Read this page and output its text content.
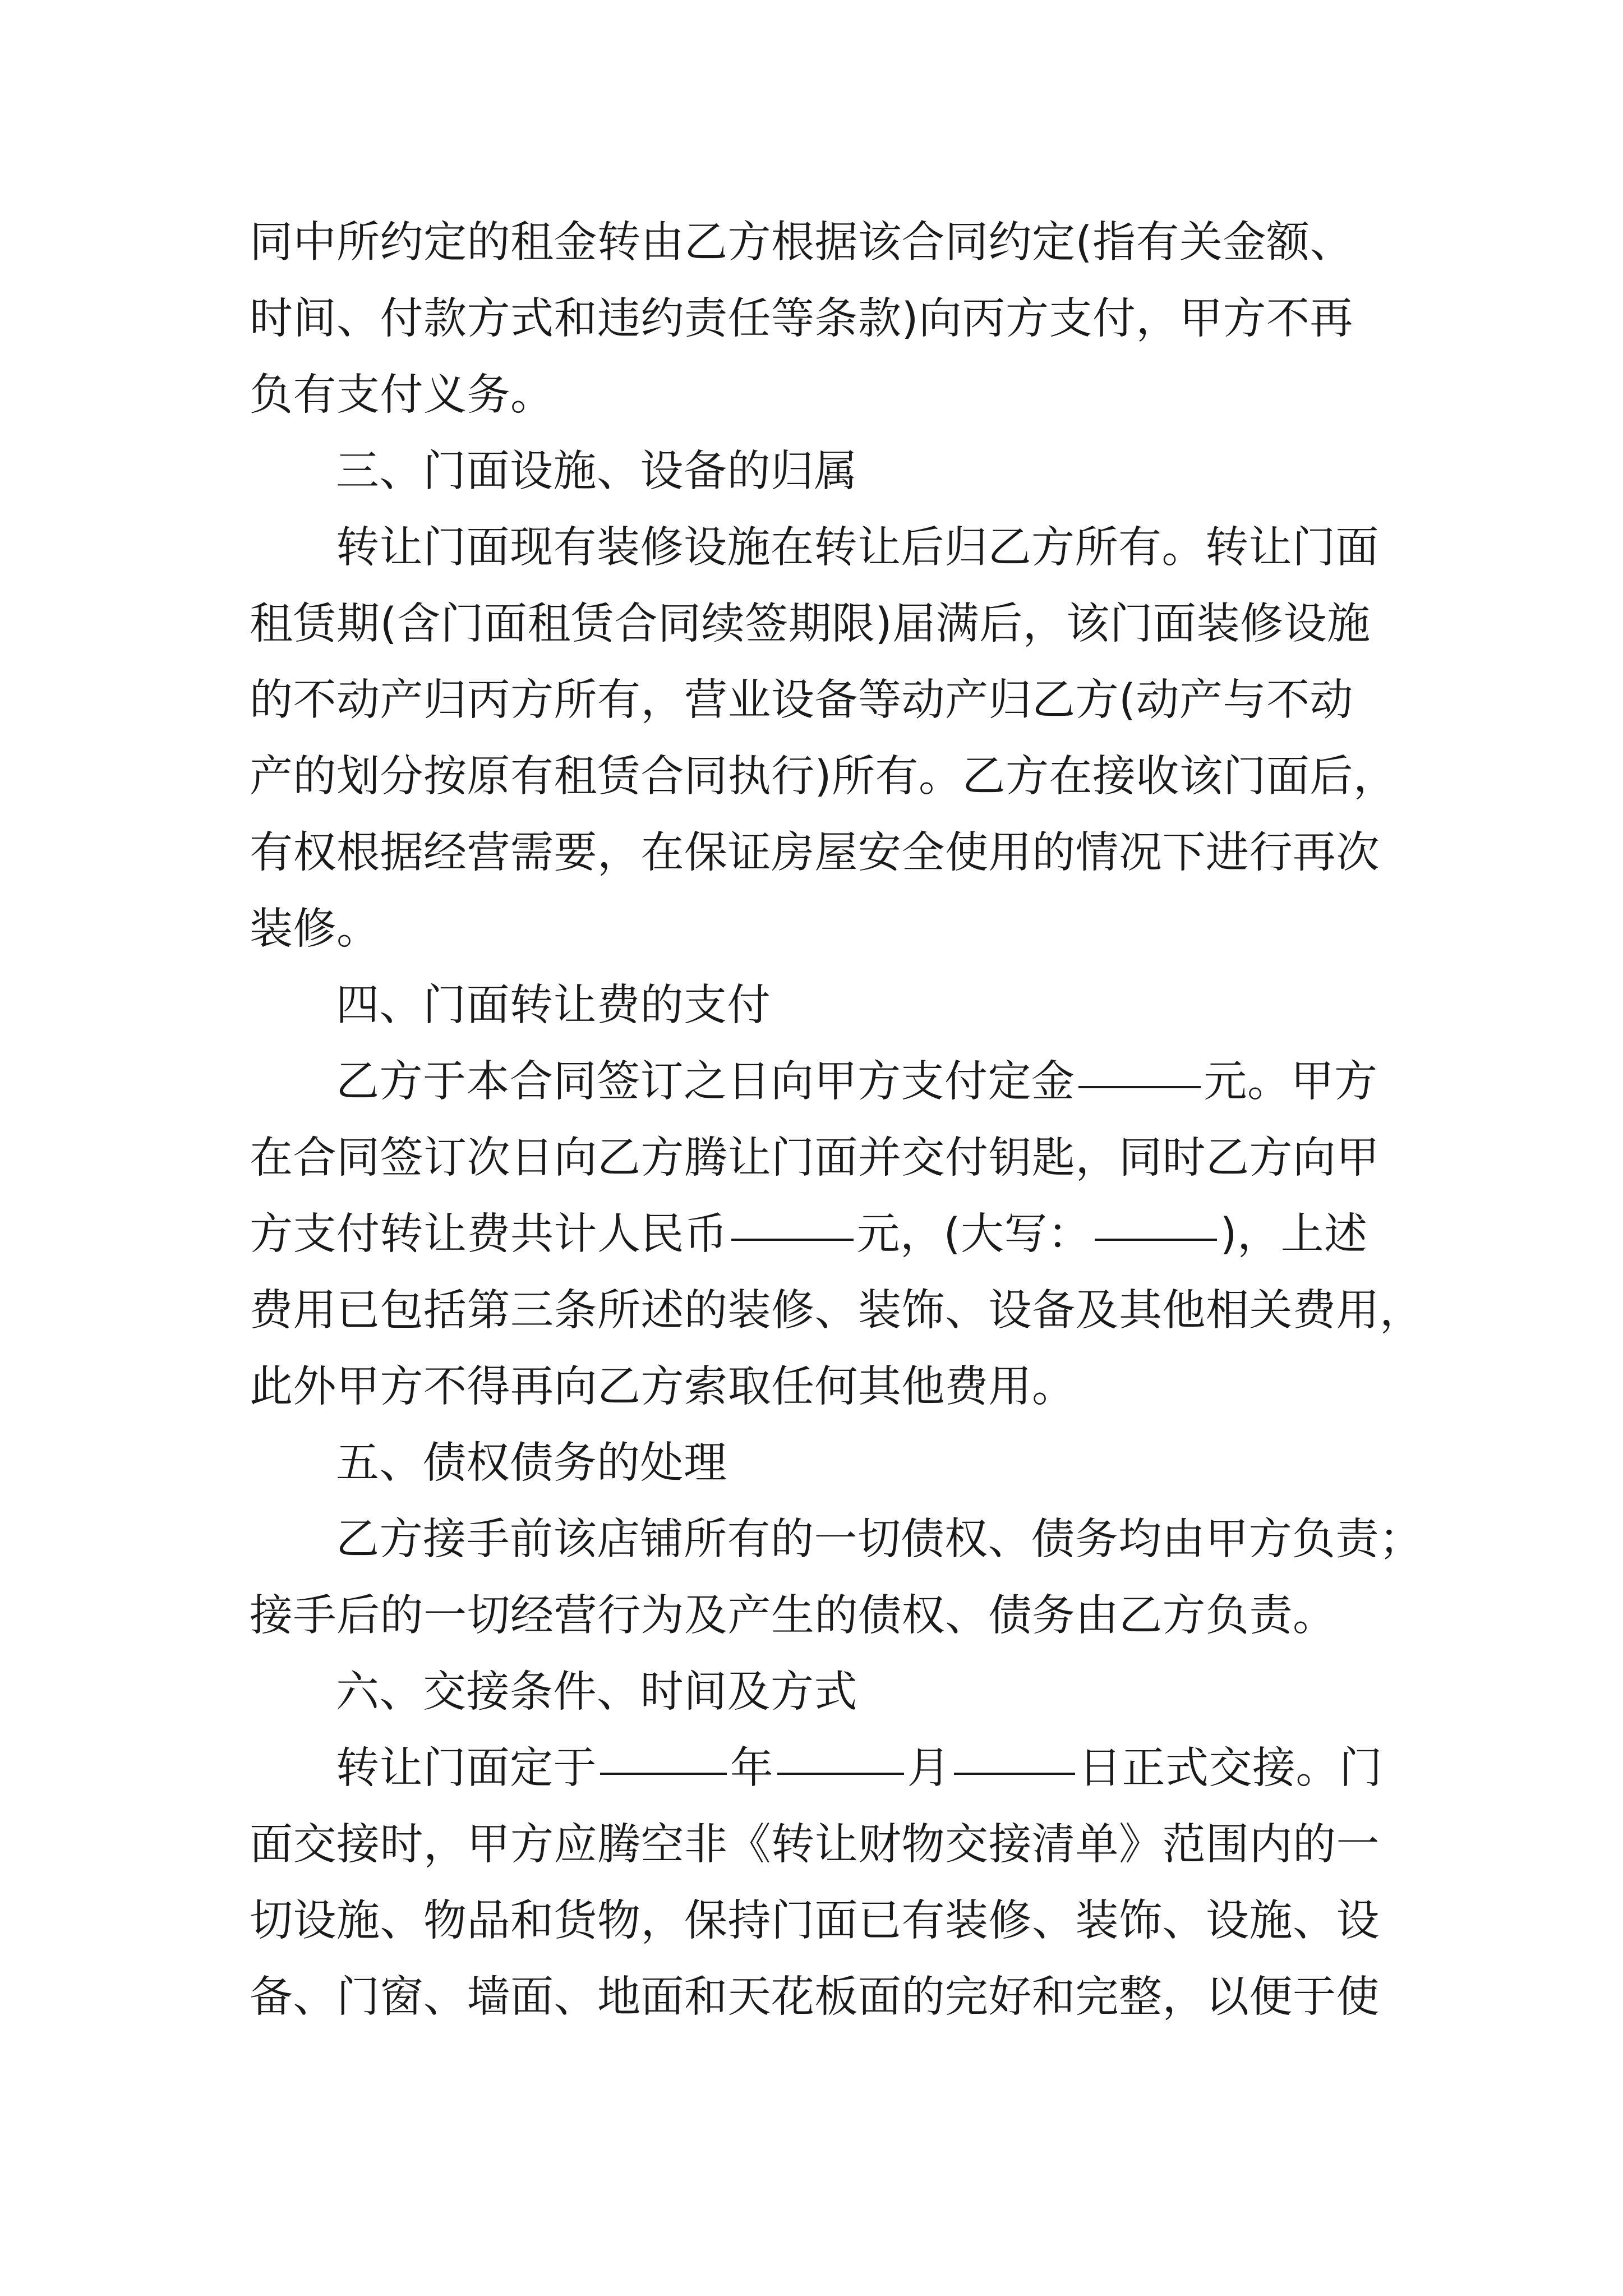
同中所约定的租金转由乙方根据该合同约定(指有关金额、
时间、付款方式和违约责任等条款)向丙方支付，甲方不再
负有支付义务。
三、门面设施、设备的归属
转让门面现有装修设施在转让后归乙方所有。转让门面
租赁期(含门面租赁合同续签期限)届满后，该门面装修设施
的不动产归丙方所有，营业设备等动产归乙方(动产与不动
产的划分按原有租赁合同执行)所有。乙方在接收该门面后，
有权根据经营需要，在保证房屋安全使用的情况下进行再次
装修。
四、门面转让费的支付
乙方于本合同签订之日向甲方支付定金	元。甲方
在合同签订次日向乙方腾让门面并交付钥匙，同时乙方向甲
方支付转让费共计人民币	元，(大写：	)，上述
费用已包括第三条所述的装修、装饰、设备及其他相关费用，
此外甲方不得再向乙方索取任何其他费用。
五、债权债务的处理
乙方接手前该店铺所有的一切债权、债务均由甲方负责；
接手后的一切经营行为及产生的债权、债务由乙方负责。
六、交接条件、时间及方式
转让门面定于	年	月	日正式交接。门
面交接时，甲方应腾空非《转让财物交接清单》范围内的一
切设施、物品和货物，保持门面已有装修、装饰、设施、设
备、门窗、墙面、地面和天花板面的完好和完整，以便于使
